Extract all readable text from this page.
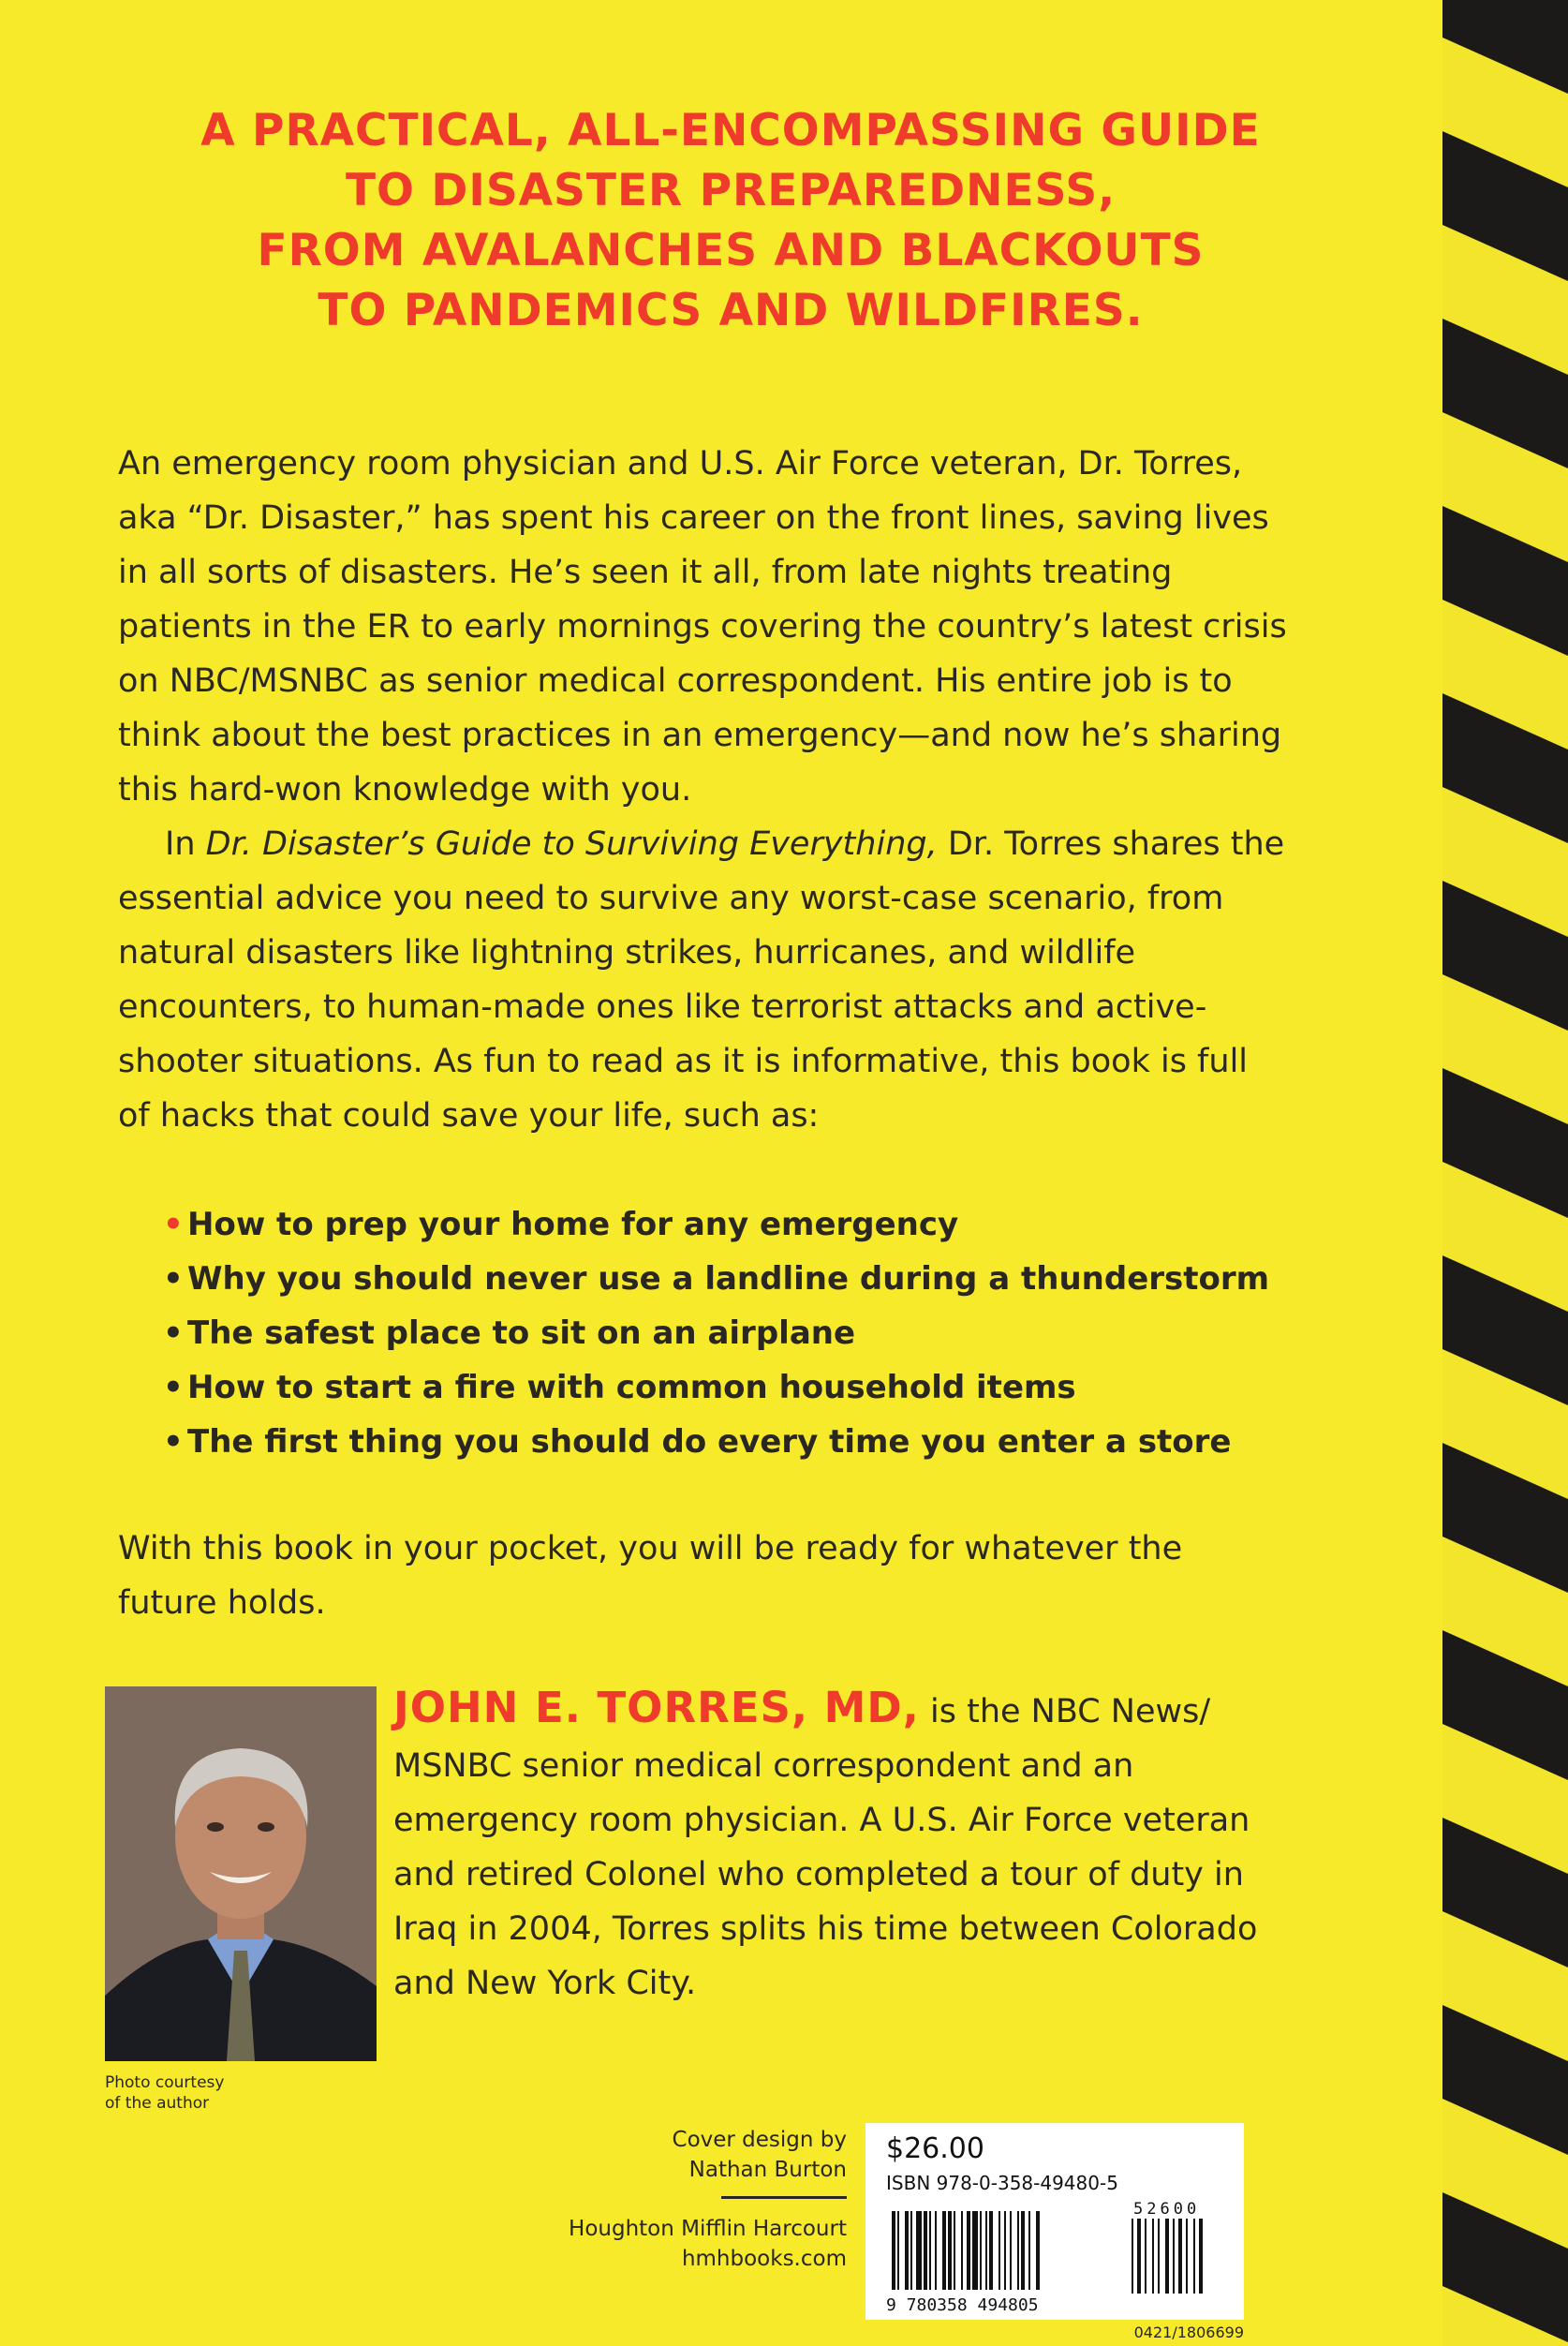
A PRACTICAL, ALL-ENCOMPASSING GUIDE
TO DISASTER PREPAREDNESS,
FROM AVALANCHES AND BLACKOUTS
TO PANDEMICS AND WILDFIRES.

An emergency room physician and U.S. Air Force veteran, Dr. Torres, aka “Dr. Disaster,” has spent his career on the front lines, saving lives in all sorts of disasters. He’s seen it all, from late nights treating patients in the ER to early mornings covering the country’s latest crisis on NBC/MSNBC as senior medical correspondent. His entire job is to think about the best practices in an emergency—and now he’s sharing this hard-won knowledge with you.

In Dr. Disaster’s Guide to Surviving Everything, Dr. Torres shares the essential advice you need to survive any worst-case scenario, from natural disasters like lightning strikes, hurricanes, and wildlife encounters, to human-made ones like terrorist attacks and active-shooter situations. As fun to read as it is informative, this book is full of hacks that could save your life, such as:

• How to prep your home for any emergency
• Why you should never use a landline during a thunderstorm
• The safest place to sit on an airplane
• How to start a fire with common household items
• The first thing you should do every time you enter a store

With this book in your pocket, you will be ready for whatever the future holds.

Photo courtesy
of the author

JOHN E. TORRES, MD, is the NBC News/ MSNBC senior medical correspondent and an emergency room physician. A U.S. Air Force veteran and retired Colonel who completed a tour of duty in Iraq in 2004, Torres splits his time between Colorado and New York City.

Cover design by
Nathan Burton
Houghton Mifflin Harcourt
hmhbooks.com
$26.00
ISBN 978-0-358-49480-5
52600
9 780358 494805
0421/1806699
